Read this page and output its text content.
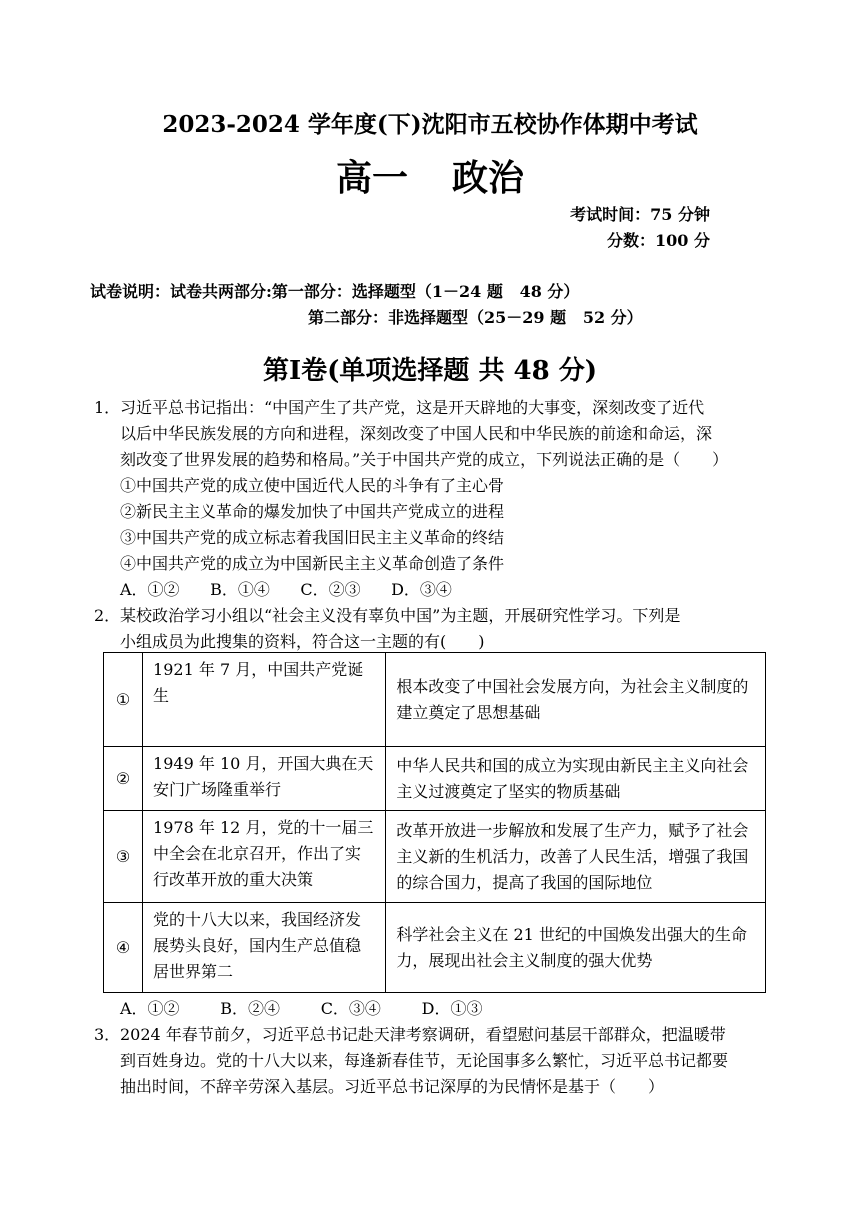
2023-2024 学年度(下)沈阳市五校协作体期中考试
高一 政治
考试时间：75 分钟
分数：100 分
试卷说明：试卷共两部分:第一部分：选择题型（1－24 题   48 分）
第二部分：非选择题型（25－29 题   52 分）
第Ⅰ卷(单项选择题 共 48 分)
1． 习近平总书记指出：“中国产生了共产党，这是开天辟地的大事变，深刻改变了近代
以后中华民族发展的方向和进程，深刻改变了中国人民和中华民族的前途和命运，深
刻改变了世界发展的趋势和格局。”关于中国共产党的成立，下列说法正确的是（　　）
①中国共产党的成立使中国近代人民的斗争有了主心骨
②新民主主义革命的爆发加快了中国共产党成立的进程
③中国共产党的成立标志着我国旧民主主义革命的终结
④中国共产党的成立为中国新民主主义革命创造了条件
A．①②      B．①④      C．②③      D．③④
2． 某校政治学习小组以“社会主义没有辜负中国”为主题，开展研究性学习。下列是
小组成员为此搜集的资料，符合这一主题的有(　　)
①	1921 年 7 月，中国共产党诞生	根本改变了中国社会发展方向，为社会主义制度的建立奠定了思想基础
②	1949 年 10 月，开国大典在天安门广场隆重举行	中华人民共和国的成立为实现由新民主主义向社会主义过渡奠定了坚实的物质基础
③	1978 年 12 月，党的十一届三中全会在北京召开，作出了实行改革开放的重大决策	改革开放进一步解放和发展了生产力，赋予了社会主义新的生机活力，改善了人民生活，增强了我国的综合国力，提高了我国的国际地位
④	党的十八大以来，我国经济发展势头良好，国内生产总值稳居世界第二	科学社会主义在 21 世纪的中国焕发出强大的生命力，展现出社会主义制度的强大优势
A．①②        B．②④        C．③④        D．①③
3． 2024 年春节前夕，习近平总书记赴天津考察调研，看望慰问基层干部群众，把温暖带
到百姓身边。党的十八大以来，每逢新春佳节，无论国事多么繁忙，习近平总书记都要
抽出时间，不辞辛劳深入基层。习近平总书记深厚的为民情怀是基于（　　）
